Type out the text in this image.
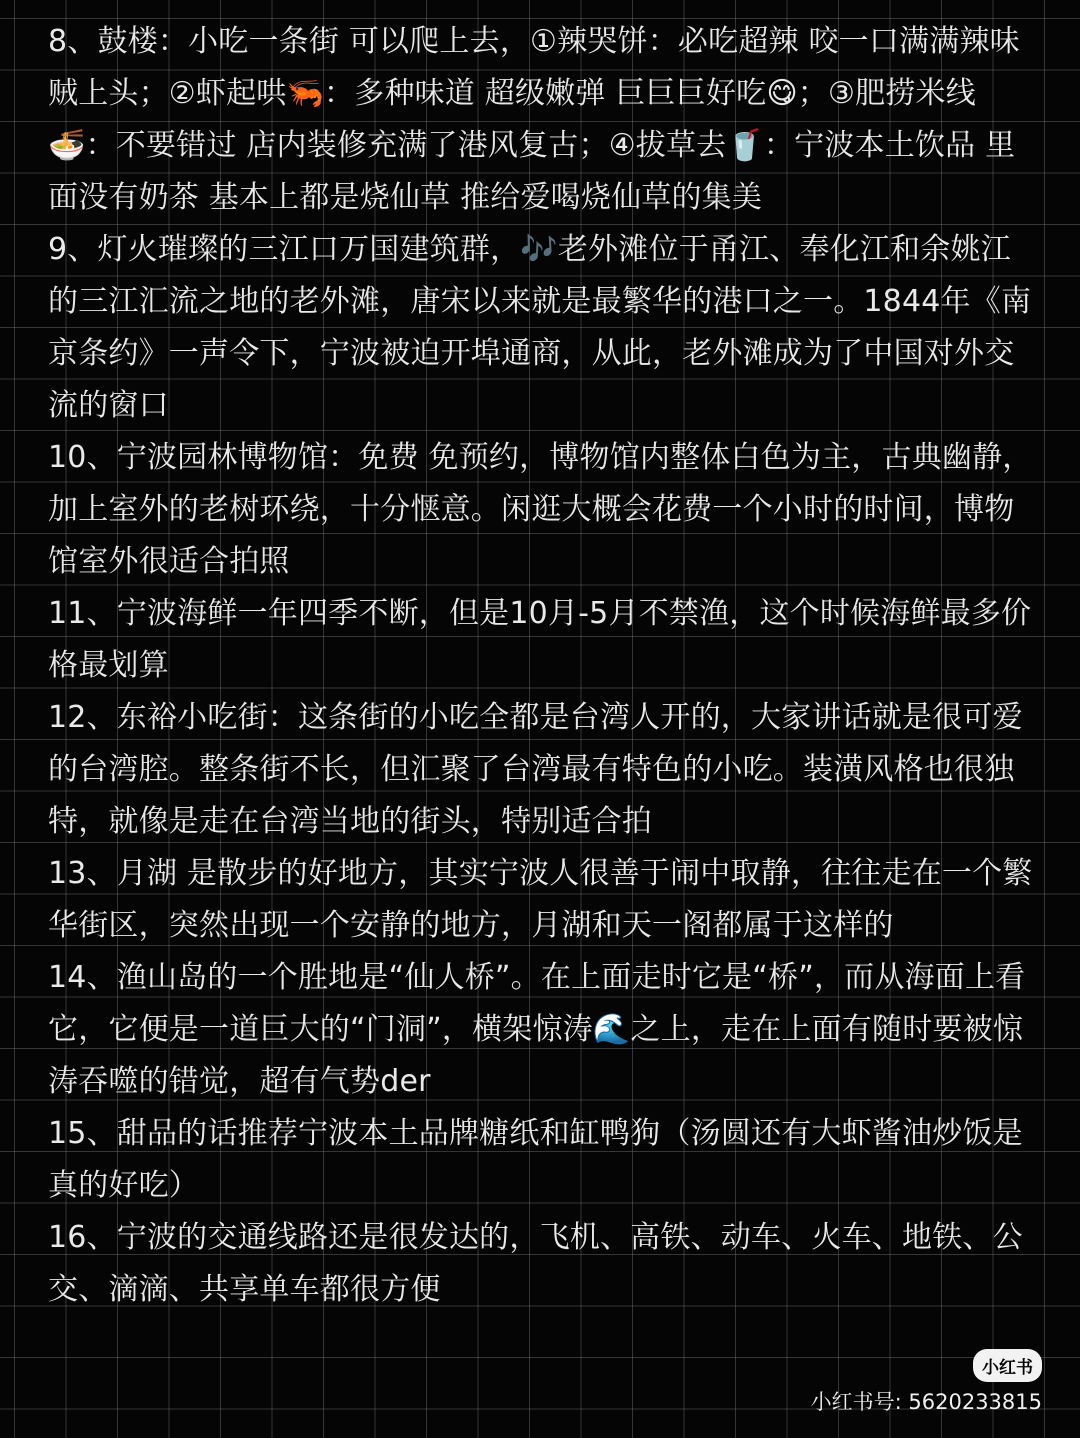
8、鼓楼：小吃一条街 可以爬上去，①辣哭饼：必吃超辣 咬一口满满辣味贼上头；②虾起哄🦐：多种味道 超级嫩弹 巨巨巨好吃😋；③肥捞米线🍜：不要错过 店内装修充满了港风复古；④拔草去🥤：宁波本土饮品 里面没有奶茶 基本上都是烧仙草 推给爱喝烧仙草的集美

9、灯火璀璨的三江口万国建筑群，🎶老外滩位于甬江、奉化江和余姚江的三江汇流之地的老外滩，唐宋以来就是最繁华的港口之一。1844年《南京条约》一声令下，宁波被迫开埠通商，从此，老外滩成为了中国对外交流的窗口

10、宁波园林博物馆：免费 免预约，博物馆内整体白色为主，古典幽静，加上室外的老树环绕，十分惬意。闲逛大概会花费一个小时的时间，博物馆室外很适合拍照

11、宁波海鲜一年四季不断，但是10月-5月不禁渔，这个时候海鲜最多价格最划算

12、东裕小吃街：这条街的小吃全都是台湾人开的，大家讲话就是很可爱的台湾腔。整条街不长，但汇聚了台湾最有特色的小吃。装潢风格也很独特，就像是走在台湾当地的街头，特别适合拍

13、月湖 是散步的好地方，其实宁波人很善于闹中取静，往往走在一个繁华街区，突然出现一个安静的地方，月湖和天一阁都属于这样的

14、渔山岛的一个胜地是“仙人桥”。在上面走时它是“桥”，而从海面上看它，它便是一道巨大的“门洞”，横架惊涛🌊之上，走在上面有随时要被惊涛吞噬的错觉，超有气势der

15、甜品的话推荐宁波本土品牌糖纸和缸鸭狗（汤圆还有大虾酱油炒饭是真的好吃）

16、宁波的交通线路还是很发达的，飞机、高铁、动车、火车、地铁、公交、滴滴、共享单车都很方便

小红书
小红书号: 5620233815
